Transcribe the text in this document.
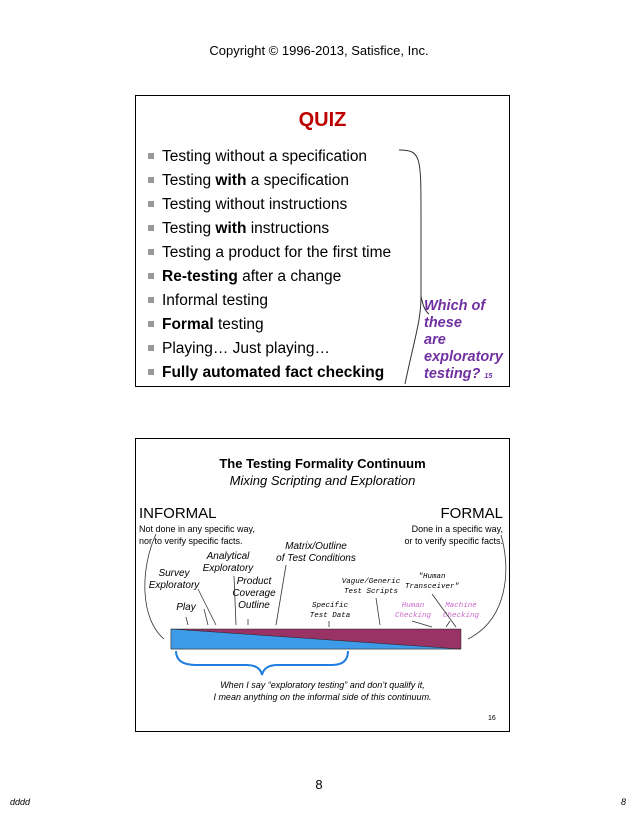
Copyright © 1996-2013, Satisfice, Inc.
QUIZ
Testing without a specification
Testing with a specification
Testing without instructions
Testing with instructions
Testing a product for the first time
Re-testing after a change
Informal testing
Formal testing
Playing… Just playing…
Fully automated fact checking
Which of
these
are
exploratory
testing? 15
The Testing Formality Continuum
Mixing Scripting and Exploration
INFORMAL	FORMAL
Not done in any specific way,
nor to verify specific facts.
Done in a specific way,
or to verify specific facts.
Matrix/Outline
of Test Conditions
Analytical
Exploratory
Survey
Exploratory	Product
Coverage
Outline
Play
Vague/Generic
Test Scripts
"Human
Transceiver"
Specific
Test Data
Human
Checking
Machine
Checking
When I say “exploratory testing” and don’t qualify it,
I mean anything on the informal side of this continuum.
16
8
dddd	8
